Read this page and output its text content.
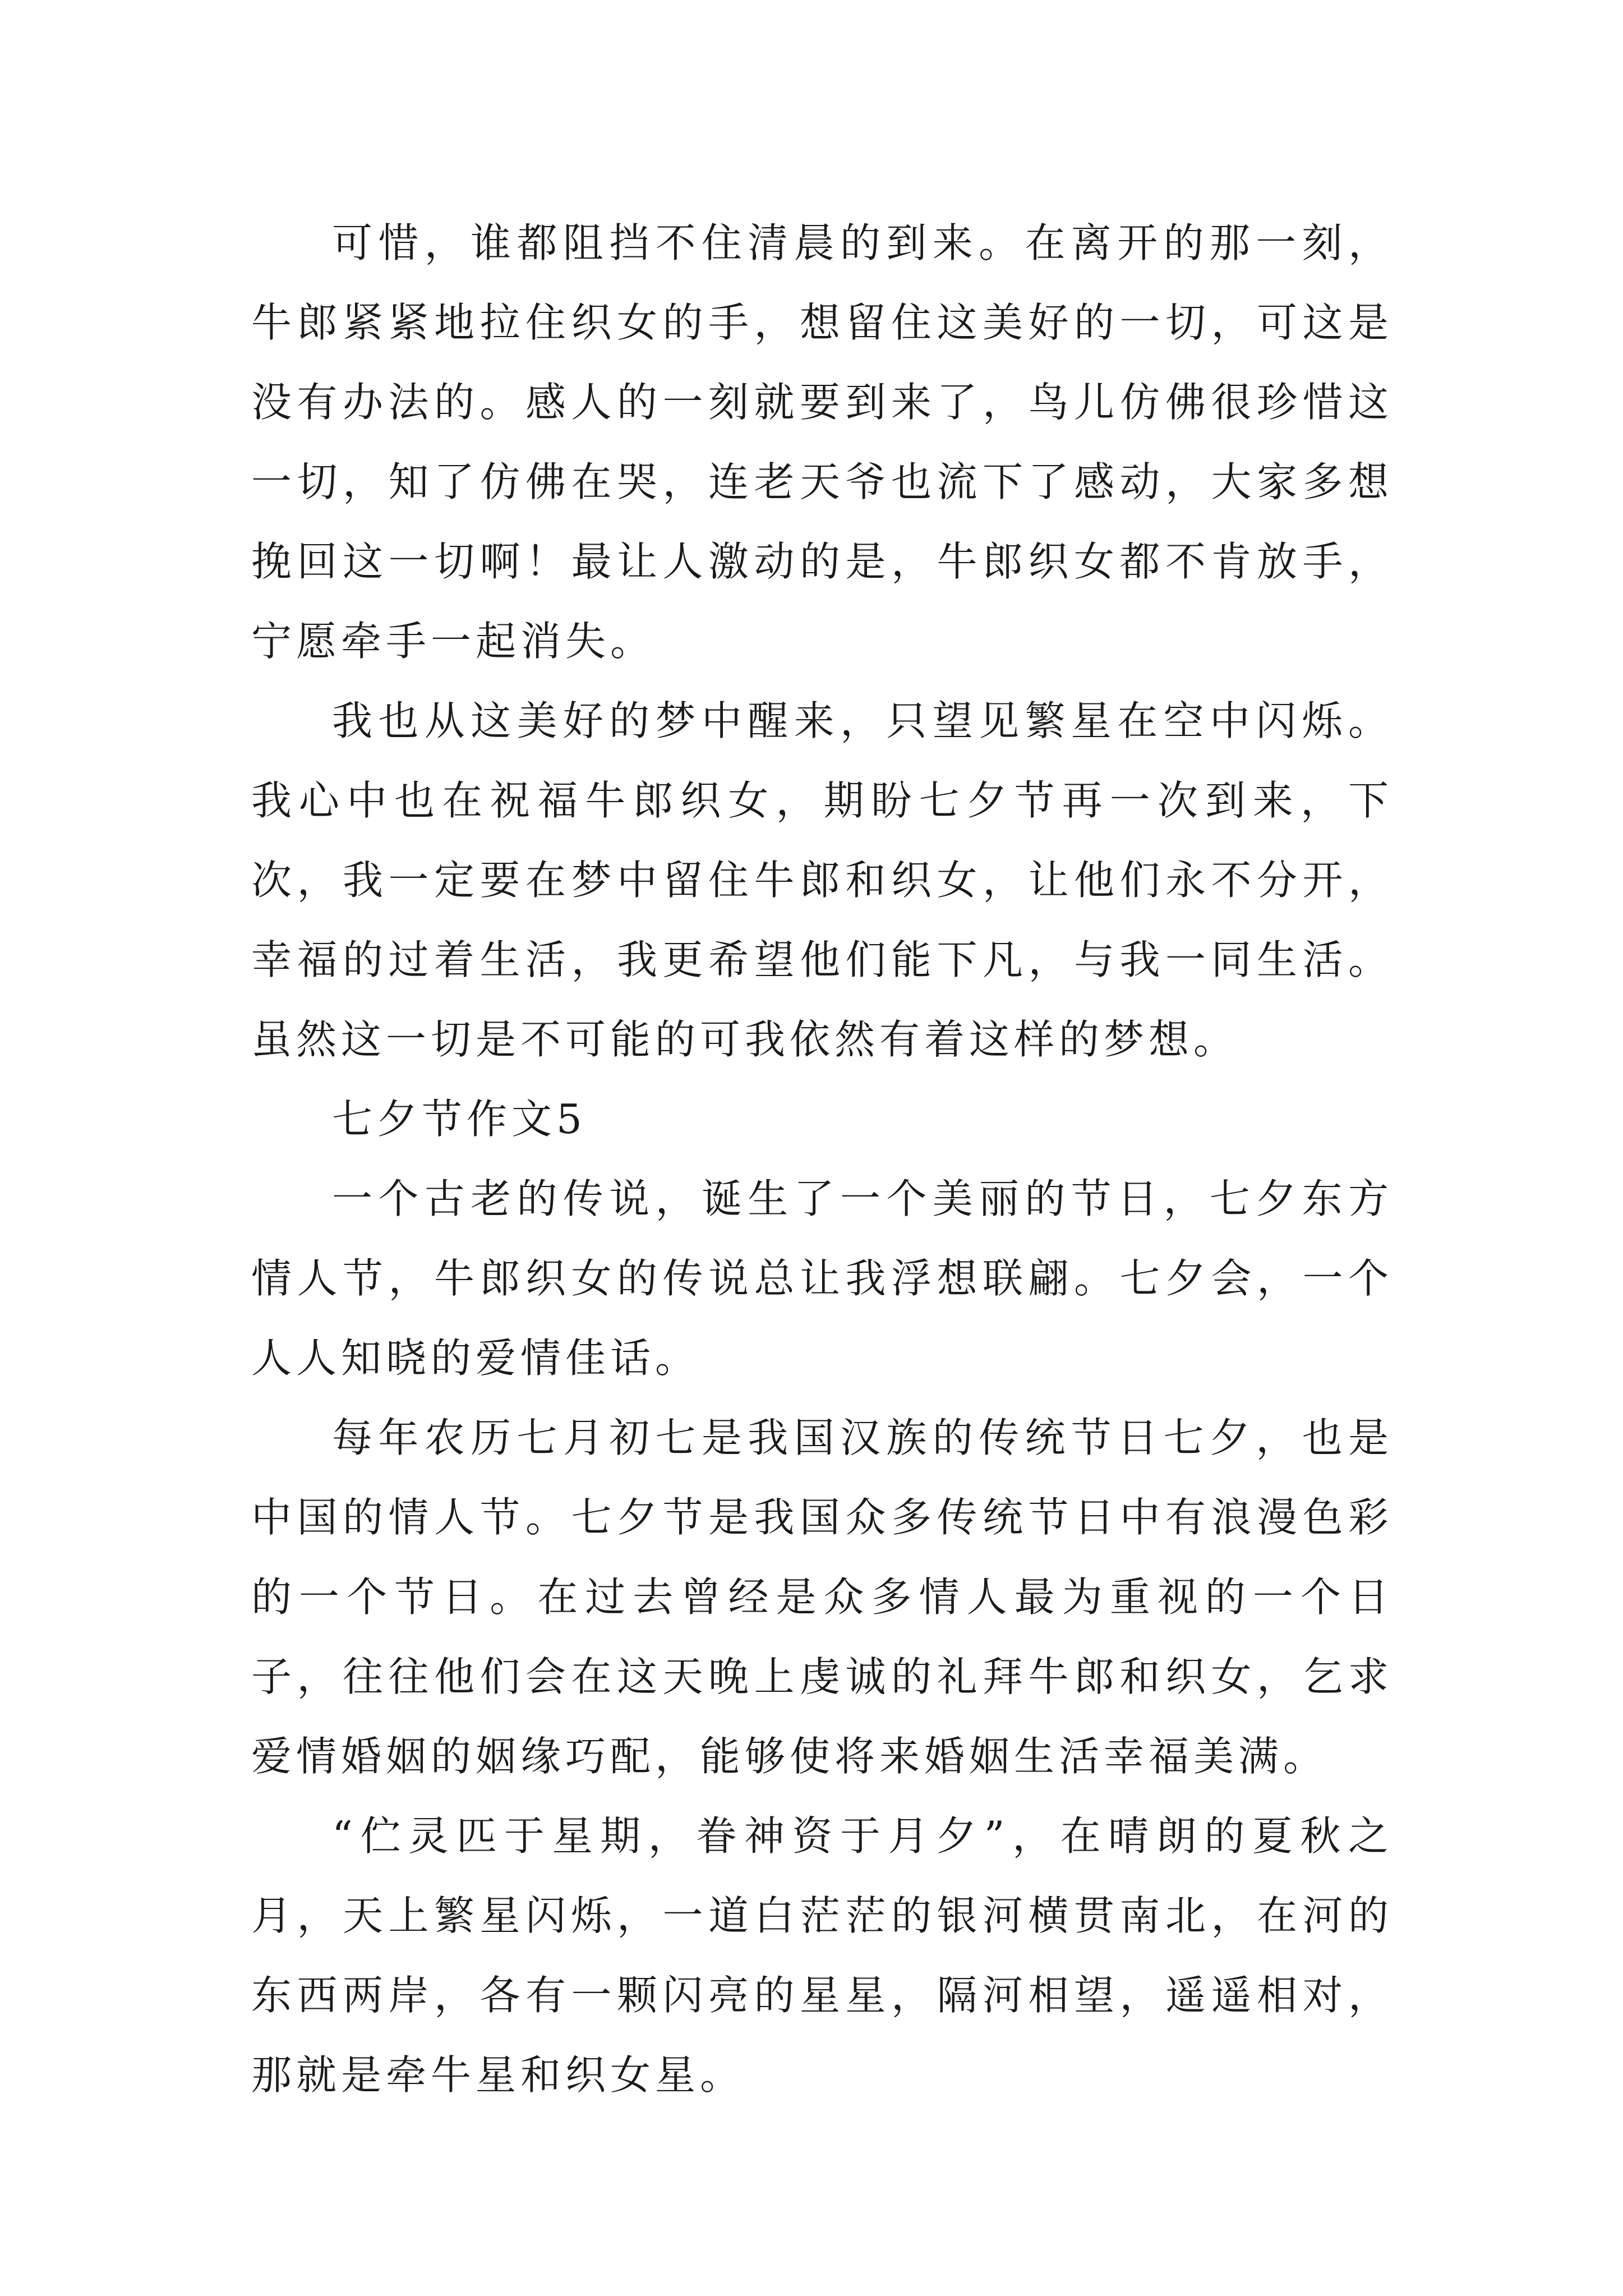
可惜，谁都阻挡不住清晨的到来。在离开的那一刻，牛郎紧紧地拉住织女的手，想留住这美好的一切，可这是没有办法的。感人的一刻就要到来了，鸟儿仿佛很珍惜这一切，知了仿佛在哭，连老天爷也流下了感动，大家多想挽回这一切啊！最让人激动的是，牛郎织女都不肯放手，宁愿牵手一起消失。

我也从这美好的梦中醒来，只望见繁星在空中闪烁。我心中也在祝福牛郎织女，期盼七夕节再一次到来，下次，我一定要在梦中留住牛郎和织女，让他们永不分开，幸福的过着生活，我更希望他们能下凡，与我一同生活。虽然这一切是不可能的可我依然有着这样的梦想。

七夕节作文5

一个古老的传说，诞生了一个美丽的节日，七夕东方情人节，牛郎织女的传说总让我浮想联翩。七夕会，一个人人知晓的爱情佳话。

每年农历七月初七是我国汉族的传统节日七夕，也是中国的情人节。七夕节是我国众多传统节日中有浪漫色彩的一个节日。在过去曾经是众多情人最为重视的一个日子，往往他们会在这天晚上虔诚的礼拜牛郎和织女，乞求爱情婚姻的姻缘巧配，能够使将来婚姻生活幸福美满。

“伫灵匹于星期，眷神资于月夕”，在晴朗的夏秋之月，天上繁星闪烁，一道白茫茫的银河横贯南北，在河的东西两岸，各有一颗闪亮的星星，隔河相望，遥遥相对，那就是牵牛星和织女星。
